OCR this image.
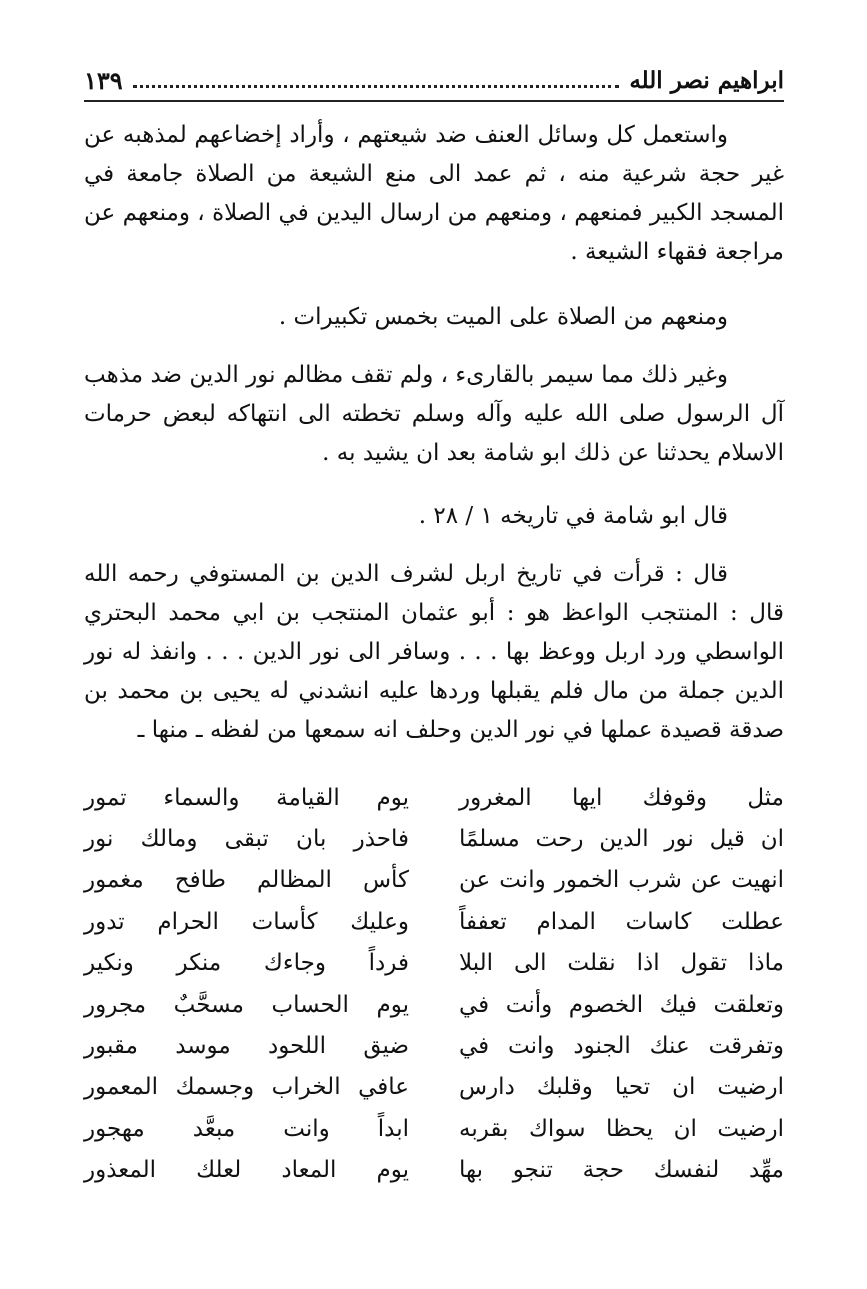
ابراهيم نصر الله
١٣٩

واستعمل كل وسائل العنف ضد شيعتهم ، وأراد إخضاعهم لمذهبه عن غير حجة شرعية منه ، ثم عمد الى منع الشيعة من الصلاة جامعة في المسجد الكبير فمنعهم ، ومنعهم من ارسال اليدين في الصلاة ، ومنعهم عن مراجعة فقهاء الشيعة .

ومنعهم من الصلاة على الميت بخمس تكبيرات .

وغير ذلك مما سيمر بالقارىء ، ولم تقف مظالم نور الدين ضد مذهب آل الرسول صلى الله عليه وآله وسلم تخطته الى انتهاكه لبعض حرمات الاسلام يحدثنا عن ذلك ابو شامة بعد ان يشيد به .

قال ابو شامة في تاريخه ١ / ٢٨ .

قال : قرأت في تاريخ اربل لشرف الدين بن المستوفي رحمه الله قال : المنتجب الواعظ هو : أبو عثمان المنتجب بن ابي محمد البحتري الواسطي ورد اربل ووعظ بها . . . وسافر الى نور الدين . . . وانفذ له نور الدين جملة من مال فلم يقبلها وردها عليه انشدني له يحيى بن محمد بن صدقة قصيدة عملها في نور الدين وحلف انه سمعها من لفظه ـ منها ـ

مثل وقوفك ايها المغرور
يوم القيامة والسماء تمور
ان قيل نور الدين رحت مسلمًا
فاحذر بان تبقى ومالك نور
انهيت عن شرب الخمور وانت عن
كأس المظالم طافح مغمور
عطلت كاسات المدام تعففاً
وعليك كأسات الحرام تدور
ماذا تقول اذا نقلت الى البلا
فرداً وجاءك منكر ونكير
وتعلقت فيك الخصوم وأنت في
يوم الحساب مسحَّبٌ مجرور
وتفرقت عنك الجنود وانت في
ضيق اللحود موسد مقبور
ارضيت ان تحيا وقلبك دارس
عافي الخراب وجسمك المعمور
ارضيت ان يحظا سواك بقربه
ابداً وانت مبعَّد مهجور
مهِّد لنفسك حجة تنجو بها
يوم المعاد لعلك المعذور
